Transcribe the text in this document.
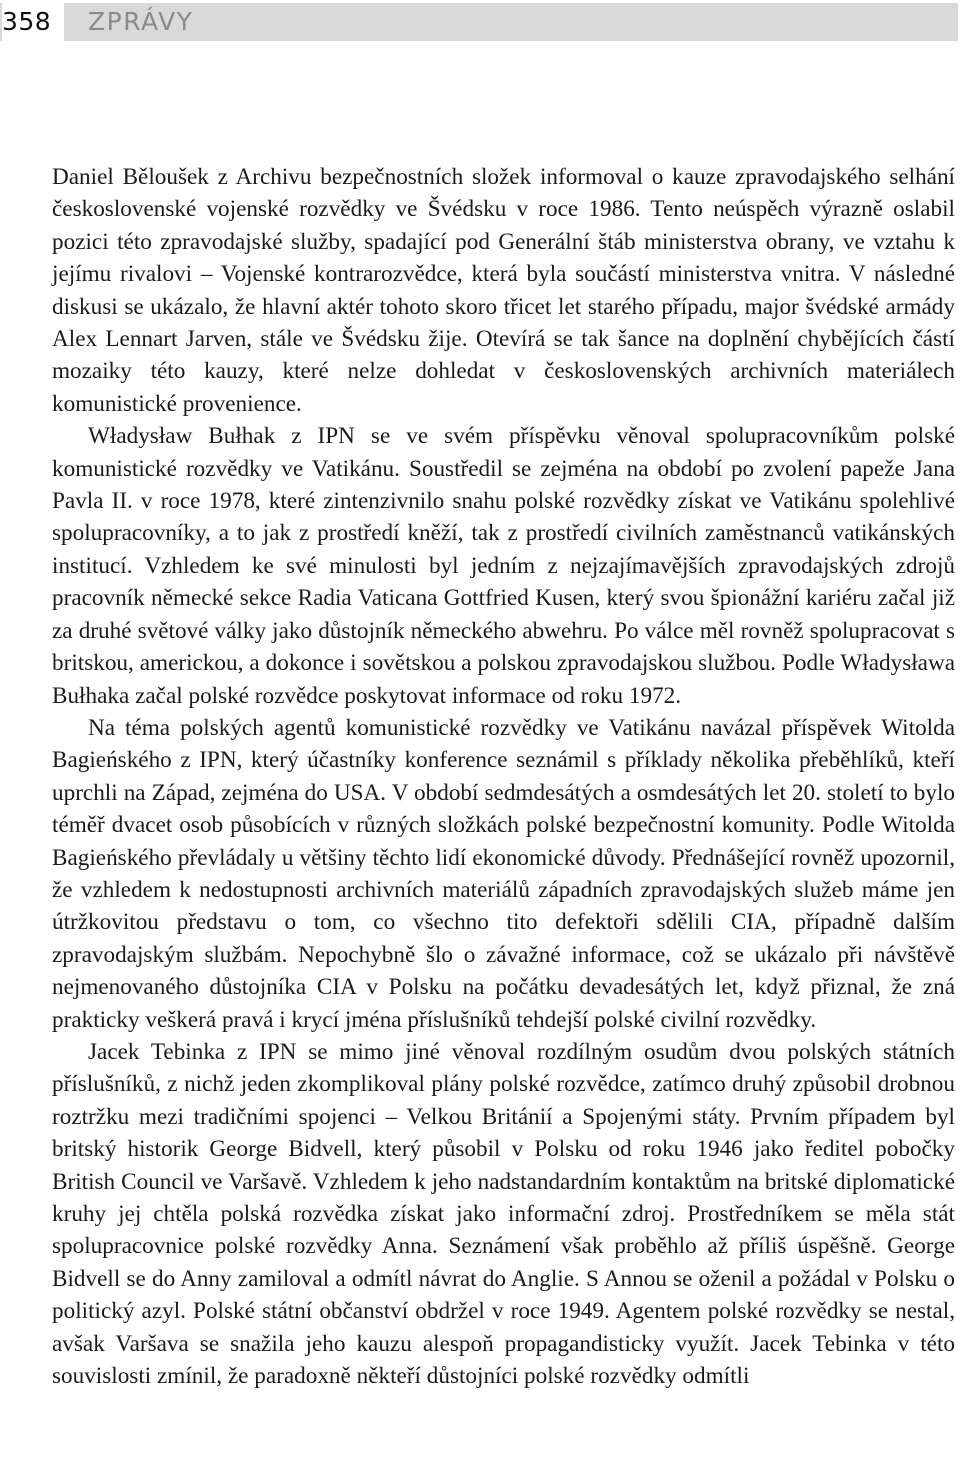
358 ZPRÁVY

Daniel Běloušek z Archivu bezpečnostních složek informoval o kauze zpravodajského selhání československé vojenské rozvědky ve Švédsku v roce 1986. Tento neúspěch výrazně oslabil pozici této zpravodajské služby, spadající pod Generální štáb ministerstva obrany, ve vztahu k jejímu rivalovi – Vojenské kontrarozvědce, která byla součástí ministerstva vnitra. V následné diskusi se ukázalo, že hlavní aktér tohoto skoro třicet let starého případu, major švédské armády Alex Lennart Jarven, stále ve Švédsku žije. Otevírá se tak šance na doplnění chybějících částí mozaiky této kauzy, které nelze dohledat v československých archivních materiálech komunistické provenience.

Władysław Bułhak z IPN se ve svém příspěvku věnoval spolupracovníkům polské komunistické rozvědky ve Vatikánu. Soustředil se zejména na období po zvolení papeže Jana Pavla II. v roce 1978, které zintenzivnilo snahu polské rozvědky získat ve Vatikánu spolehlivé spolupracovníky, a to jak z prostředí kněží, tak z prostředí civilních zaměstnanců vatikánských institucí. Vzhledem ke své minulosti byl jedním z nejzajímavějších zpravodajských zdrojů pracovník německé sekce Radia Vaticana Gottfried Kusen, který svou špionážní kariéru začal již za druhé světové války jako důstojník německého abwehru. Po válce měl rovněž spolupracovat s britskou, americkou, a dokonce i sovětskou a polskou zpravodajskou službou. Podle Władysława Bułhaka začal polské rozvědce poskytovat informace od roku 1972.

Na téma polských agentů komunistické rozvědky ve Vatikánu navázal příspěvek Witolda Bagieńského z IPN, který účastníky konference seznámil s příklady několika přeběhlíků, kteří uprchli na Západ, zejména do USA. V období sedmdesátých a osmdesátých let 20. století to bylo téměř dvacet osob působících v různých složkách polské bezpečnostní komunity. Podle Witolda Bagieńského převládaly u většiny těchto lidí ekonomické důvody. Přednášející rovněž upozornil, že vzhledem k nedostupnosti archivních materiálů západních zpravodajských služeb máme jen útržkovitou představu o tom, co všechno tito defektoři sdělili CIA, případně dalším zpravodajským službám. Nepochybně šlo o závažné informace, což se ukázalo při návštěvě nejmenovaného důstojníka CIA v Polsku na počátku devadesátých let, když přiznal, že zná prakticky veškerá pravá i krycí jména příslušníků tehdejší polské civilní rozvědky.

Jacek Tebinka z IPN se mimo jiné věnoval rozdílným osudům dvou polských státních příslušníků, z nichž jeden zkomplikoval plány polské rozvědce, zatímco druhý způsobil drobnou roztržku mezi tradičními spojenci – Velkou Británií a Spojenými státy. Prvním případem byl britský historik George Bidvell, který působil v Polsku od roku 1946 jako ředitel pobočky British Council ve Varšavě. Vzhledem k jeho nadstandardním kontaktům na britské diplomatické kruhy jej chtěla polská rozvědka získat jako informační zdroj. Prostředníkem se měla stát spolupracovnice polské rozvědky Anna. Seznámení však proběhlo až příliš úspěšně. George Bidvell se do Anny zamiloval a odmítl návrat do Anglie. S Annou se oženil a požádal v Polsku o politický azyl. Polské státní občanství obdržel v roce 1949. Agentem polské rozvědky se nestal, avšak Varšava se snažila jeho kauzu alespoň propagandisticky využít. Jacek Tebinka v této souvislosti zmínil, že paradoxně někteří důstojníci polské rozvědky odmítli
